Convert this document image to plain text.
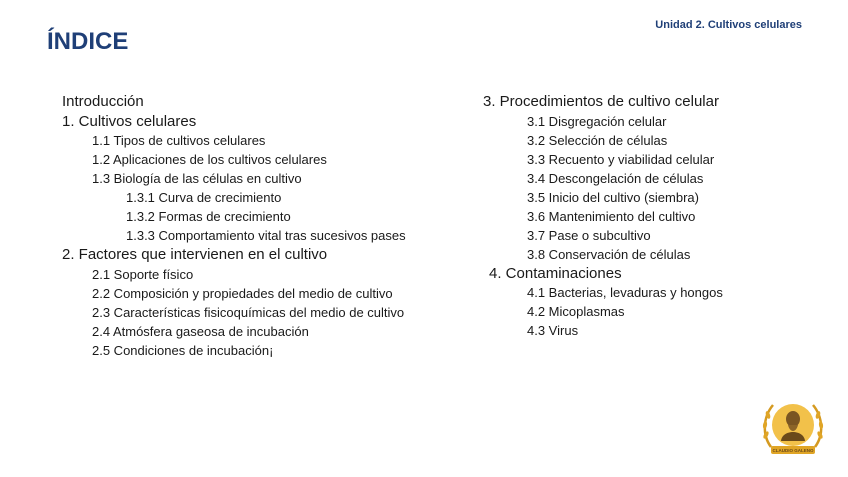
ÍNDICE
Unidad 2. Cultivos celulares
Introducción
1. Cultivos celulares
1.1 Tipos de cultivos celulares
1.2 Aplicaciones de los cultivos celulares
1.3 Biología de las células en cultivo
1.3.1 Curva de crecimiento
1.3.2 Formas de crecimiento
1.3.3 Comportamiento vital tras sucesivos pases
2. Factores que intervienen en el cultivo
2.1 Soporte físico
2.2 Composición y propiedades del medio de cultivo
2.3 Características fisicoquímicas del medio de cultivo
2.4 Atmósfera gaseosa de incubación
2.5 Condiciones de incubación¡
3. Procedimientos de cultivo celular
3.1 Disgregación celular
3.2 Selección de células
3.3 Recuento y viabilidad celular
3.4 Descongelación de células
3.5 Inicio del cultivo (siembra)
3.6 Mantenimiento del cultivo
3.7 Pase o subcultivo
3.8 Conservación de células
4. Contaminaciones
4.1 Bacterias, levaduras y hongos
4.2 Micoplasmas
4.3 Virus
CLAUDIO GALENO
